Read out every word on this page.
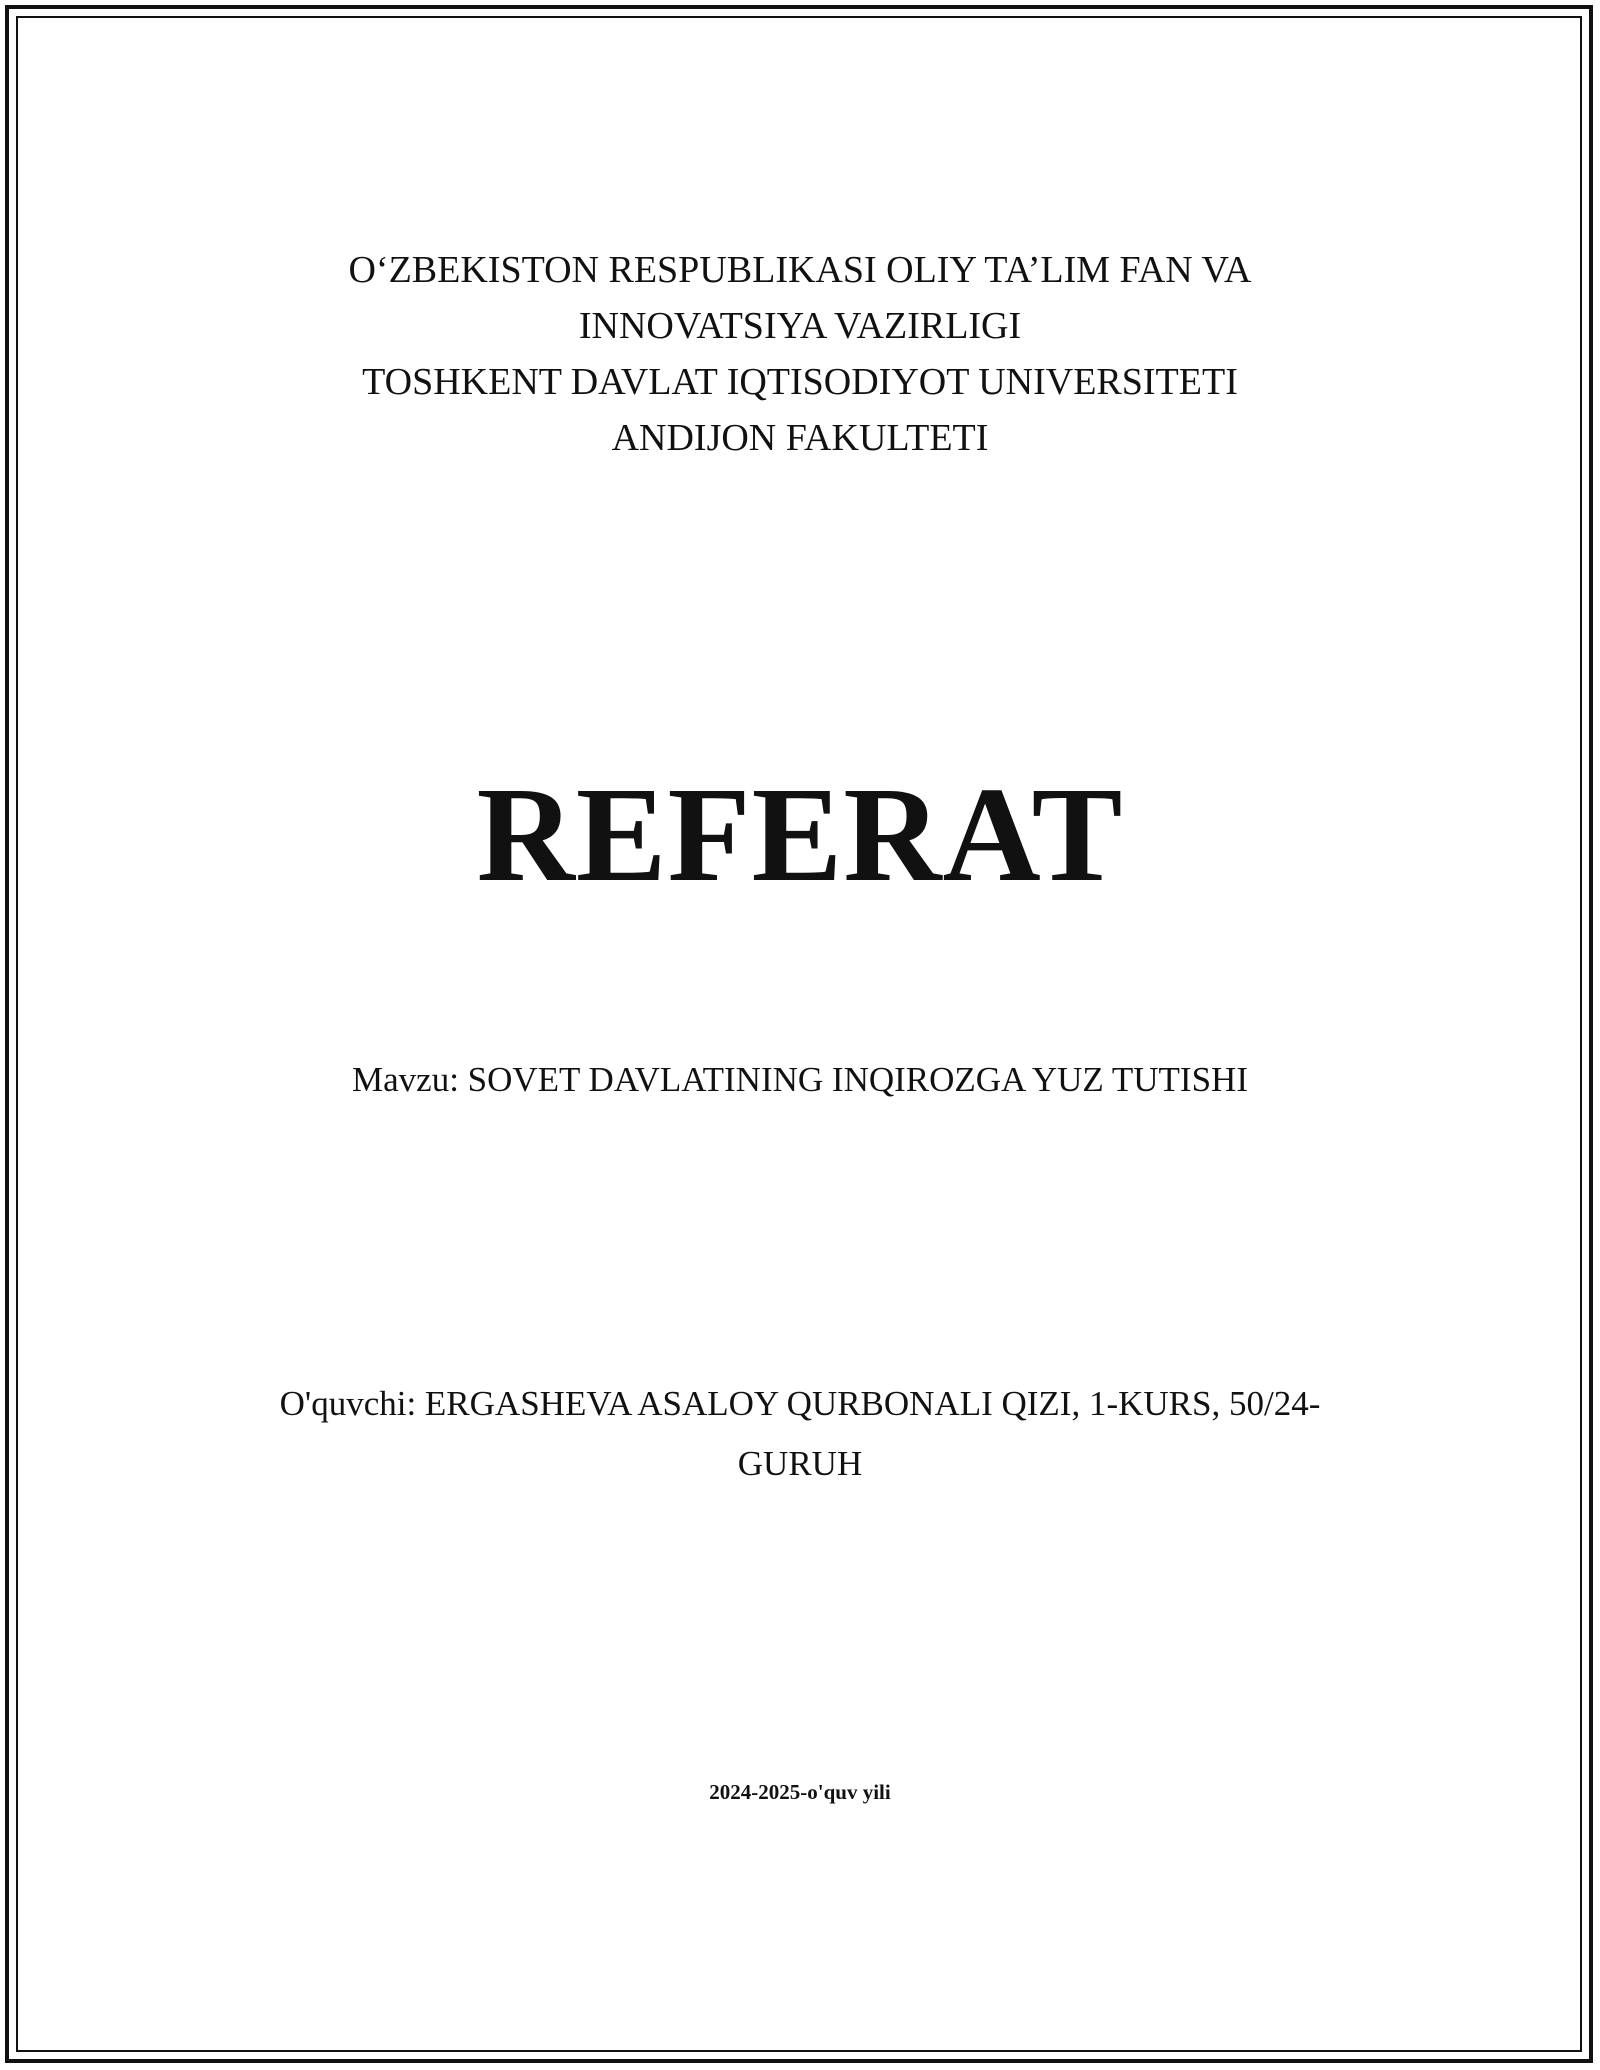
O‘ZBEKISTON RESPUBLIKASI OLIY TA’LIM FAN VA
INNOVATSIYA VAZIRLIGI
TOSHKENT DAVLAT IQTISODIYOT UNIVERSITETI
ANDIJON FAKULTETI
REFERAT
Mavzu: SOVET DAVLATINING INQIROZGA YUZ TUTISHI
O'quvchi: ERGASHEVA ASALOY QURBONALI QIZI, 1-KURS, 50/24-
GURUH
2024-2025-o'quv yili
